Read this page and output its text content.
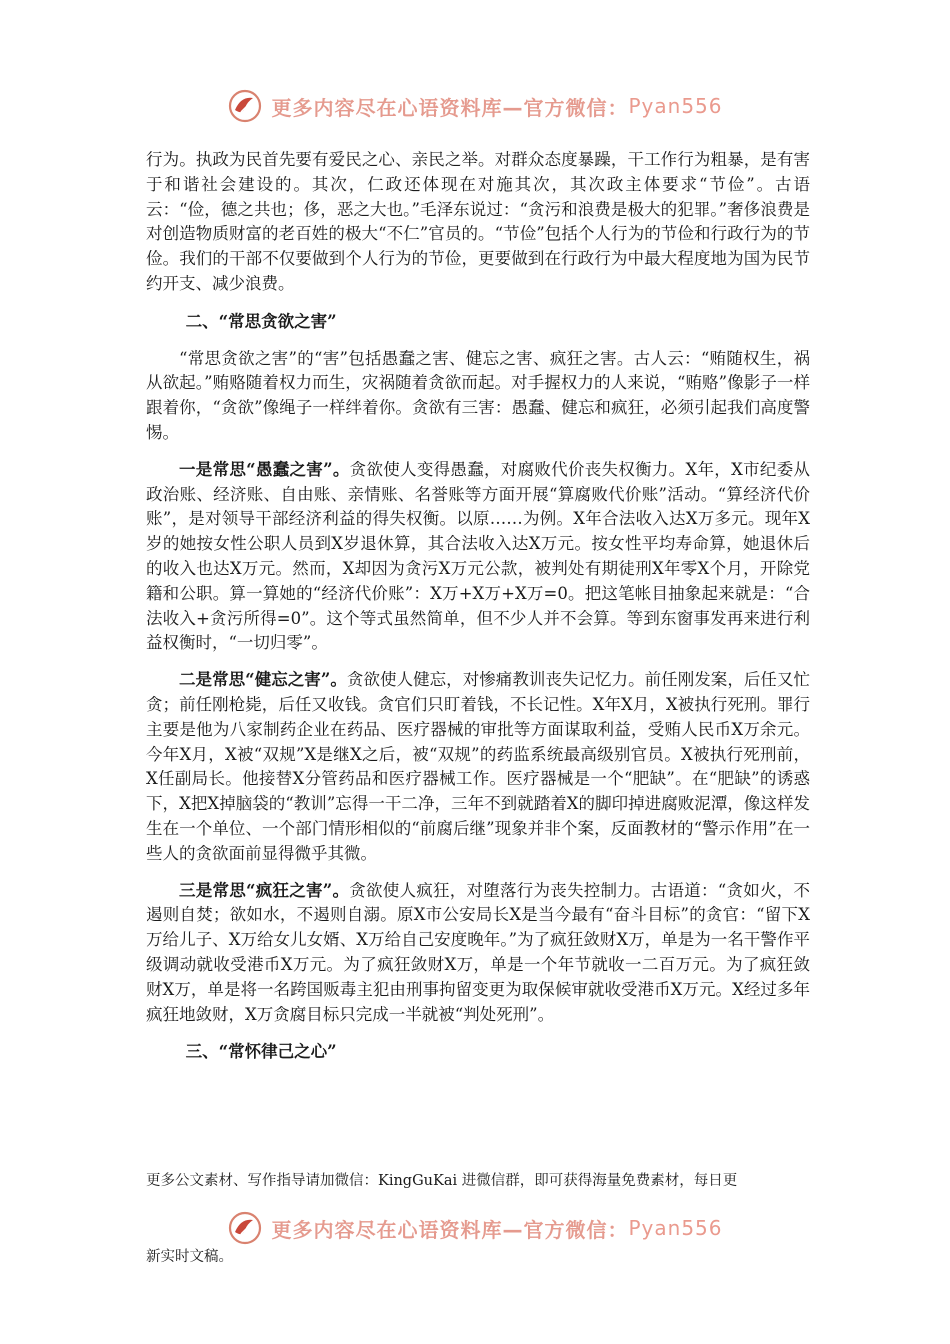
更多内容尽在心语资料库—官方微信： Pyan556

行为。执政为民首先要有爱民之心、亲民之举。对群众态度暴躁，干工作行为粗暴，是有害于和谐社会建设的。其次，仁政还体现在对施其次，其次政主体要求“节俭”。古语云：“俭，德之共也；侈，恶之大也。”毛泽东说过：“贪污和浪费是极大的犯罪。”奢侈浪费是对创造物质财富的老百姓的极大“不仁”官员的。“节俭”包括个人行为的节俭和行政行为的节俭。我们的干部不仅要做到个人行为的节俭，更要做到在行政行为中最大程度地为国为民节约开支、减少浪费。

二、“常思贪欲之害”

“常思贪欲之害”的“害”包括愚蠢之害、健忘之害、疯狂之害。古人云：“贿随权生，祸从欲起。”贿赂随着权力而生，灾祸随着贪欲而起。对手握权力的人来说，“贿赂”像影子一样跟着你，“贪欲”像绳子一样绊着你。贪欲有三害：愚蠢、健忘和疯狂，必须引起我们高度警惕。

一是常思“愚蠢之害”。贪欲使人变得愚蠢，对腐败代价丧失权衡力。X年，X市纪委从政治账、经济账、自由账、亲情账、名誉账等方面开展“算腐败代价账”活动。“算经济代价账”，是对领导干部经济利益的得失权衡。以原……为例。X年合法收入达X万多元。现年X岁的她按女性公职人员到X岁退休算，其合法收入达X万元。按女性平均寿命算，她退休后的收入也达X万元。然而，X却因为贪污X万元公款，被判处有期徒刑X年零X个月，开除党籍和公职。算一算她的“经济代价账”：X万+X万+X万=0。把这笔帐目抽象起来就是：“合法收入+贪污所得=0”。这个等式虽然简单，但不少人并不会算。等到东窗事发再来进行利益权衡时，“一切归零”。

二是常思“健忘之害”。贪欲使人健忘，对惨痛教训丧失记忆力。前任刚发案，后任又忙贪；前任刚枪毙，后任又收钱。贪官们只盯着钱，不长记性。X年X月，X被执行死刑。罪行主要是他为八家制药企业在药品、医疗器械的审批等方面谋取利益，受贿人民币X万余元。今年X月，X被“双规”X是继X之后，被“双规”的药监系统最高级别官员。X被执行死刑前，X任副局长。他接替X分管药品和医疗器械工作。医疗器械是一个“肥缺”。在“肥缺”的诱惑下，X把X掉脑袋的“教训”忘得一干二净，三年不到就踏着X的脚印掉进腐败泥潭，像这样发生在一个单位、一个部门情形相似的“前腐后继”现象并非个案，反面教材的“警示作用”在一些人的贪欲面前显得微乎其微。

三是常思“疯狂之害”。贪欲使人疯狂，对堕落行为丧失控制力。古语道：“贪如火，不遏则自焚；欲如水，不遏则自溺。原X市公安局长X是当今最有“奋斗目标”的贪官：“留下X万给儿子、X万给女儿女婿、X万给自己安度晚年。”为了疯狂敛财X万，单是为一名干警作平级调动就收受港币X万元。为了疯狂敛财X万，单是一个年节就收一二百万元。为了疯狂敛财X万，单是将一名跨国贩毒主犯由刑事拘留变更为取保候审就收受港币X万元。X经过多年疯狂地敛财，X万贪腐目标只完成一半就被“判处死刑”。

三、“常怀律己之心”

更多公文素材、写作指导请加微信：KingGuKai 进微信群，即可获得海量免费素材，每日更
更多内容尽在心语资料库—官方微信： Pyan556
新实时文稿。
